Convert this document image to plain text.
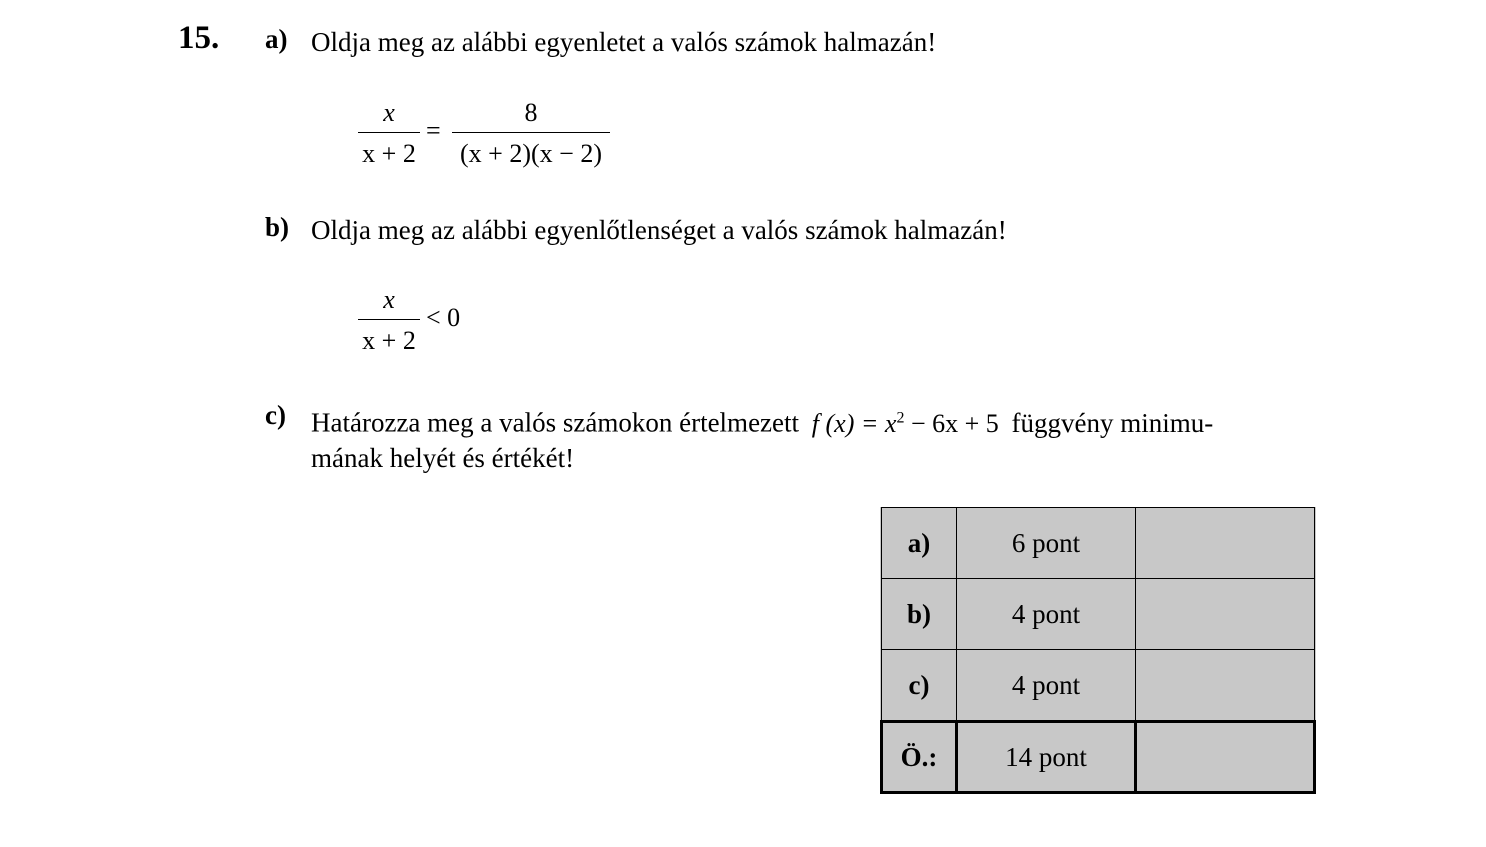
15. a) Oldja meg az alábbi egyenletet a valós számok halmazán!
x
x + 2
=
8
(x + 2)(x − 2)
b) Oldja meg az alábbi egyenlőtlenséget a valós számok halmazán!
x
x + 2
< 0
c) Határozza meg a valós számokon értelmezett f $(x) = x^2 - 6x + 5$ függvény minimu-
mának helyét és értékét!
a)	6 pont	
b)	4 pont	
c)	4 pont	
Ö.:	14 pont	
